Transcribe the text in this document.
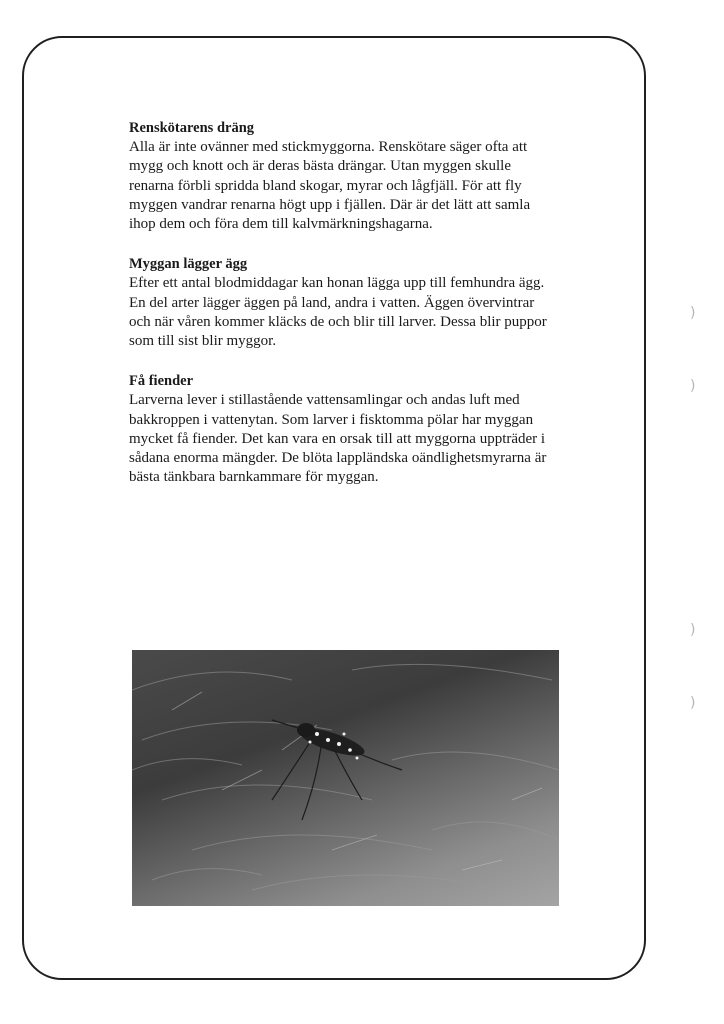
Renskötarens dräng

Alla är inte ovänner med stickmyggorna. Renskötare säger ofta att mygg och knott och är deras bästa drängar. Utan myggen skulle renarna förbli spridda bland skogar, myrar och lågfjäll. För att fly myggen vandrar renarna högt upp i fjällen. Där är det lätt att samla ihop dem och föra dem till kalvmärkningshagarna.

Myggan lägger ägg

Efter ett antal blodmiddagar kan honan lägga upp till femhundra ägg. En del arter lägger äggen på land, andra i vatten. Äggen övervintrar och när våren kommer kläcks de och blir till larver. Dessa blir puppor som till sist blir myggor.

Få fiender

Larverna lever i stillastående vattensamlingar och andas luft med bakkroppen i vattenytan. Som larver i fisktomma pölar har myggan mycket få fiender. Det kan vara en orsak till att myggorna uppträder i sådana enorma mängder. De blöta lappländska oändlighetsmyrarna är bästa tänkbara barnkammare för myggan.

)
)
)
)
